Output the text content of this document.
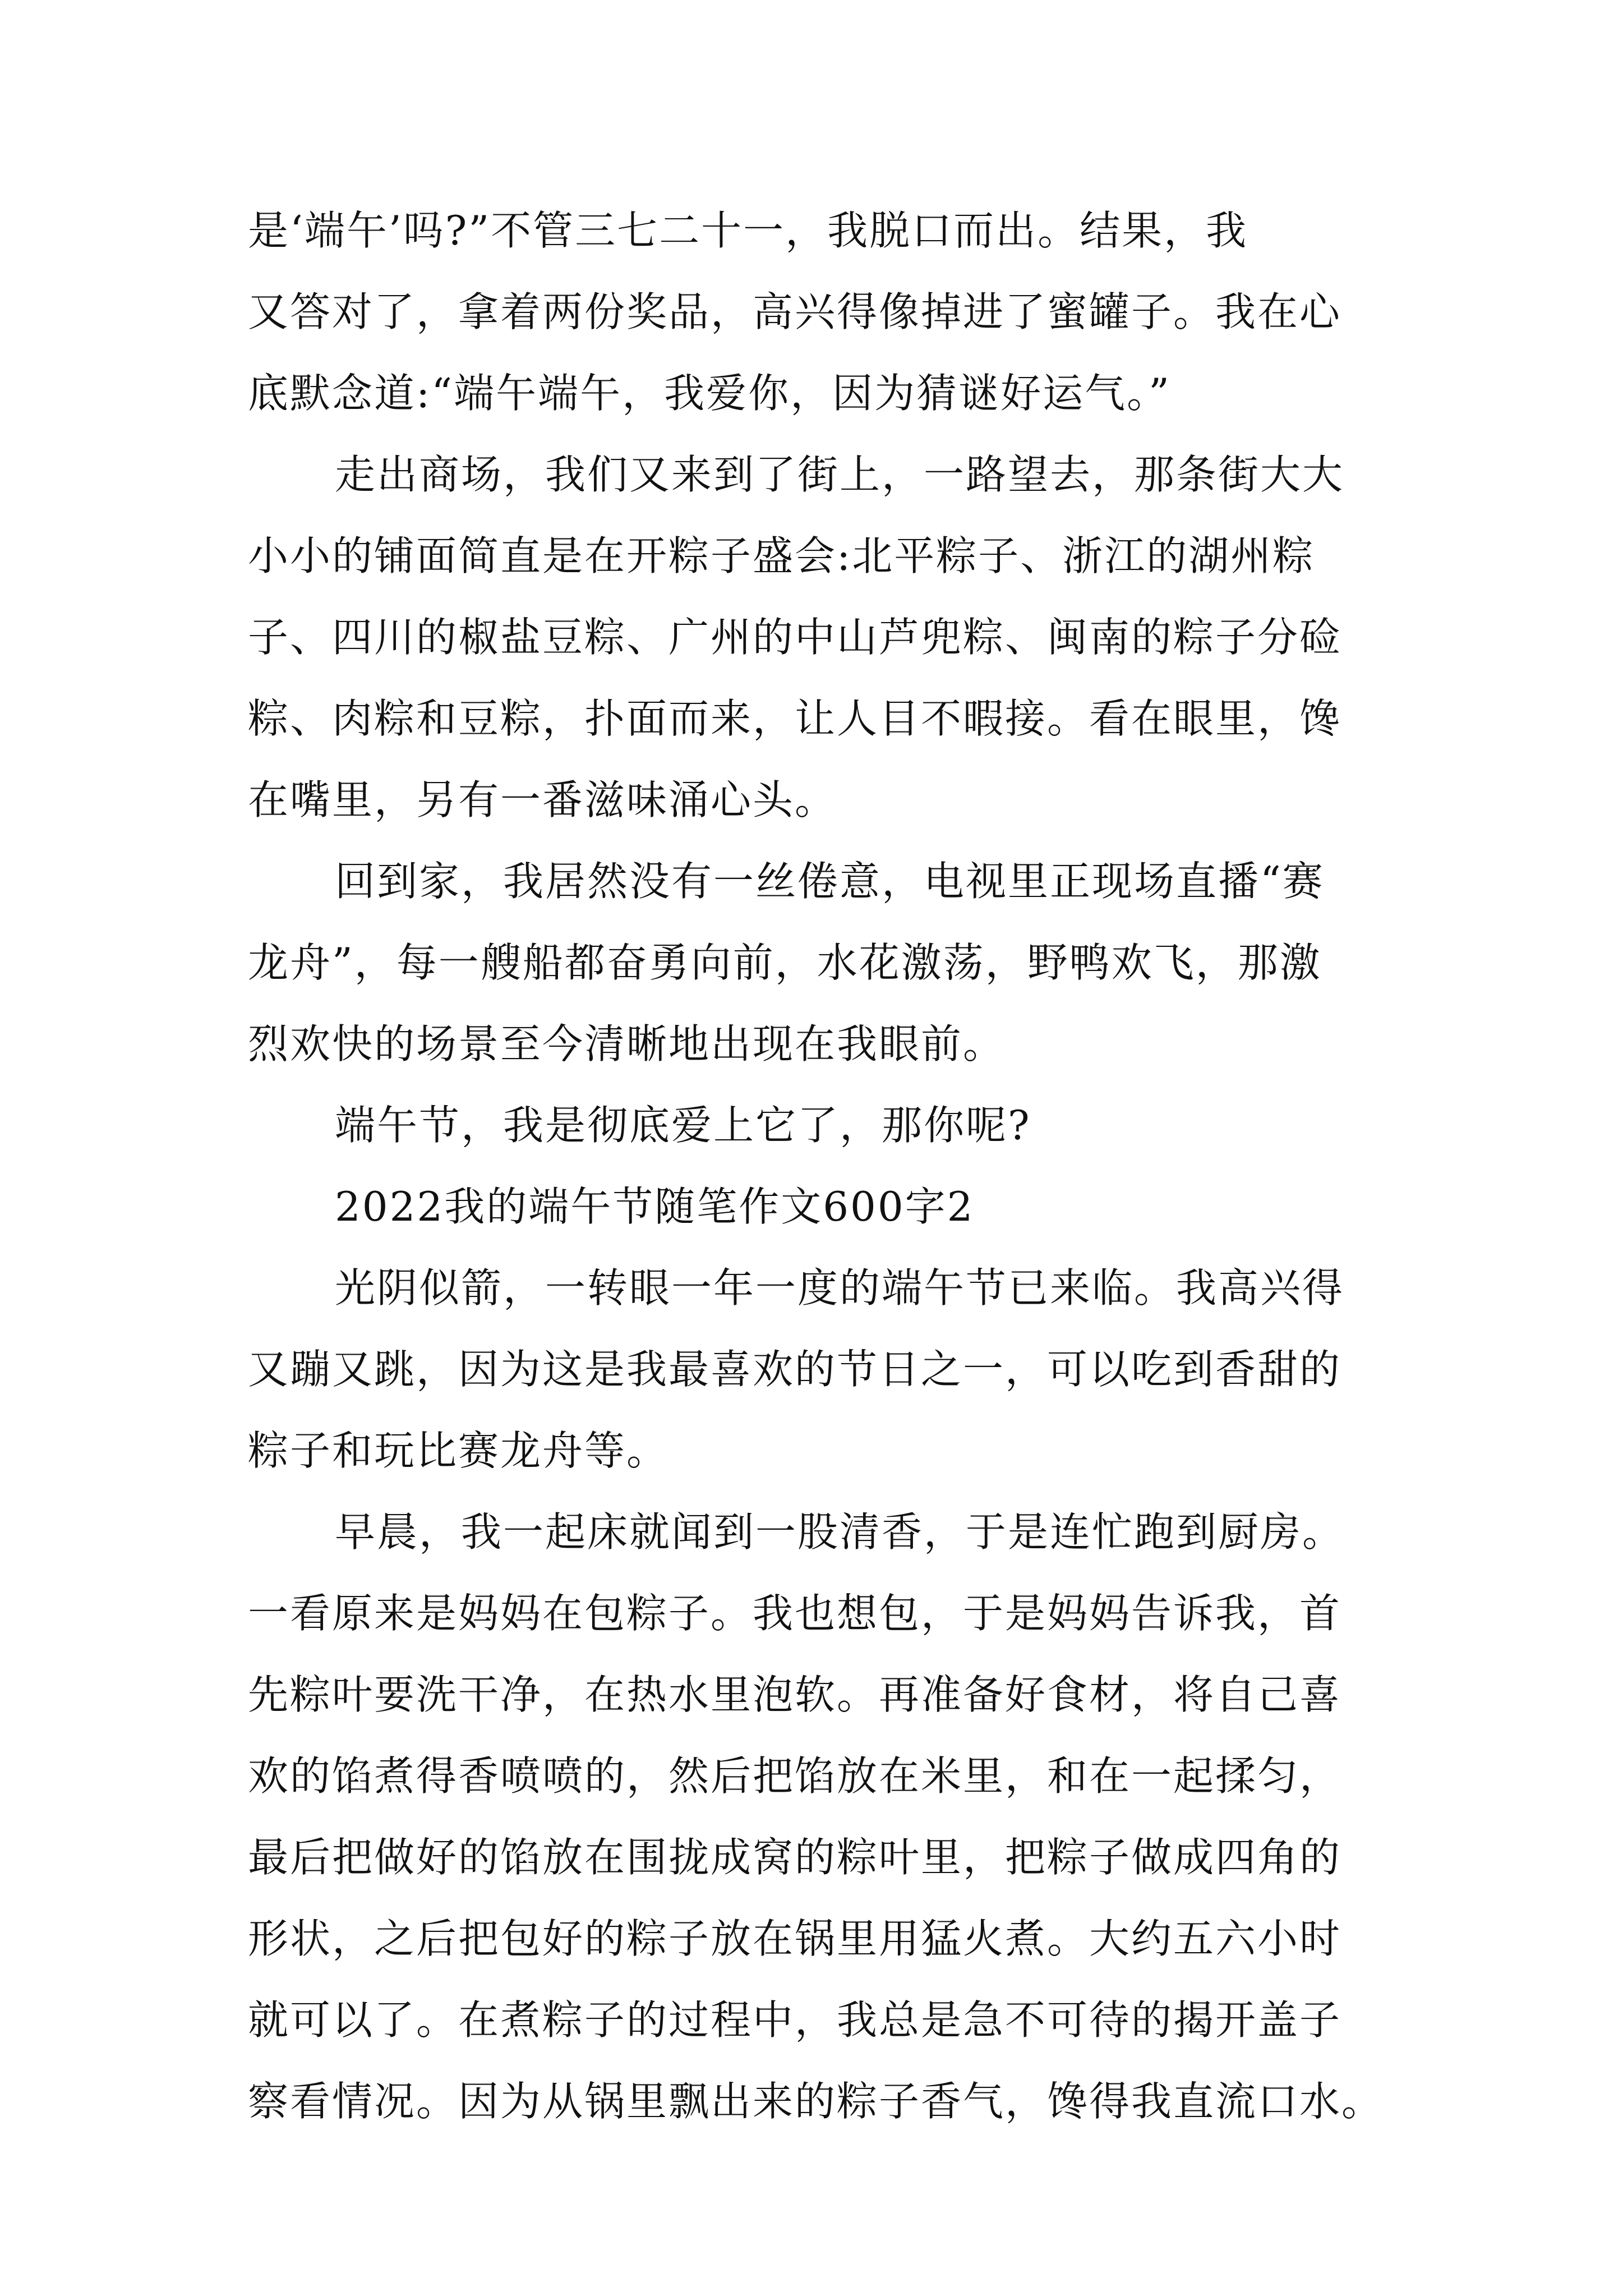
是‘端午’吗?”不管三七二十一，我脱口而出。结果，我
又答对了，拿着两份奖品，高兴得像掉进了蜜罐子。我在心
底默念道:“端午端午，我爱你，因为猜谜好运气。”
走出商场，我们又来到了街上，一路望去，那条街大大
小小的铺面简直是在开粽子盛会:北平粽子、浙江的湖州粽
子、四川的椒盐豆粽、广州的中山芦兜粽、闽南的粽子分硷
粽、肉粽和豆粽，扑面而来，让人目不暇接。看在眼里，馋
在嘴里，另有一番滋味涌心头。
回到家，我居然没有一丝倦意，电视里正现场直播“赛
龙舟”，每一艘船都奋勇向前，水花激荡，野鸭欢飞，那激
烈欢快的场景至今清晰地出现在我眼前。
端午节，我是彻底爱上它了，那你呢?
2022我的端午节随笔作文600字2
光阴似箭，一转眼一年一度的端午节已来临。我高兴得
又蹦又跳，因为这是我最喜欢的节日之一，可以吃到香甜的
粽子和玩比赛龙舟等。
早晨，我一起床就闻到一股清香，于是连忙跑到厨房。
一看原来是妈妈在包粽子。我也想包，于是妈妈告诉我，首
先粽叶要洗干净，在热水里泡软。再准备好食材，将自己喜
欢的馅煮得香喷喷的，然后把馅放在米里，和在一起揉匀，
最后把做好的馅放在围拢成窝的粽叶里，把粽子做成四角的
形状，之后把包好的粽子放在锅里用猛火煮。大约五六小时
就可以了。在煮粽子的过程中，我总是急不可待的揭开盖子
察看情况。因为从锅里飘出来的粽子香气，馋得我直流口水。
